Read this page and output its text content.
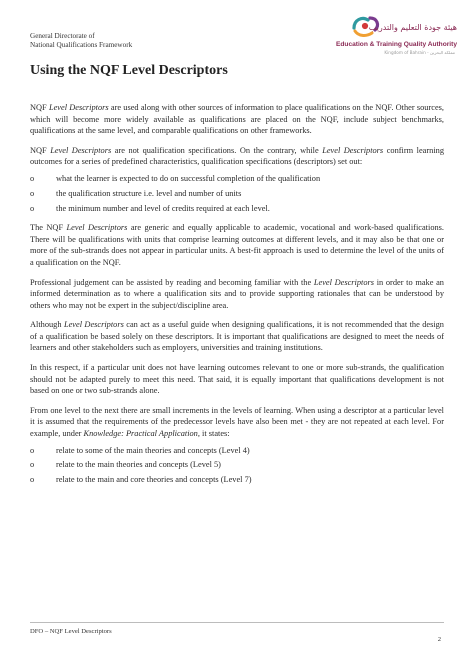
General Directorate of
National Qualifications Framework
هيئة جودة التعليم والتدريب
Education & Training Quality Authority
مملكة البحرين - Kingdom of Bahrain
Using the NQF Level Descriptors

NQF Level Descriptors are used along with other sources of information to place qualifications on the NQF. Other sources, which will become more widely available as qualifications are placed on the NQF, include subject benchmarks, qualifications at the same level, and comparable qualifications on other frameworks.

NQF Level Descriptors are not qualification specifications. On the contrary, while Level Descriptors confirm learning outcomes for a series of predefined characteristics, qualification specifications (descriptors) set out:

o	what the learner is expected to do on successful completion of the qualification
o	the qualification structure i.e. level and number of units
o	the minimum number and level of credits required at each level.

The NQF Level Descriptors are generic and equally applicable to academic, vocational and work-based qualifications. There will be qualifications with units that comprise learning outcomes at different levels, and it may also be that one or more of the sub-strands does not appear in particular units. A best-fit approach is used to determine the level of the units of a qualification on the NQF.

Professional judgement can be assisted by reading and becoming familiar with the Level Descriptors in order to make an informed determination as to where a qualification sits and to provide supporting rationales that can be understood by others who may not be expert in the subject/discipline area.

Although Level Descriptors can act as a useful guide when designing qualifications, it is not recommended that the design of a qualification be based solely on these descriptors. It is important that qualifications are designed to meet the needs of learners and other stakeholders such as employers, universities and training institutions.

In this respect, if a particular unit does not have learning outcomes relevant to one or more sub-strands, the qualification should not be adapted purely to meet this need. That said, it is equally important that qualifications development is not based on one or two sub-strands alone.

From one level to the next there are small increments in the levels of learning. When using a descriptor at a particular level it is assumed that the requirements of the predecessor levels have also been met - they are not repeated at each level. For example, under Knowledge: Practical Application, it states:

o	relate to some of the main theories and concepts (Level 4)
o	relate to the main theories and concepts (Level 5)
o	relate to the main and core theories and concepts (Level 7)
DFO – NQF Level Descriptors
2
